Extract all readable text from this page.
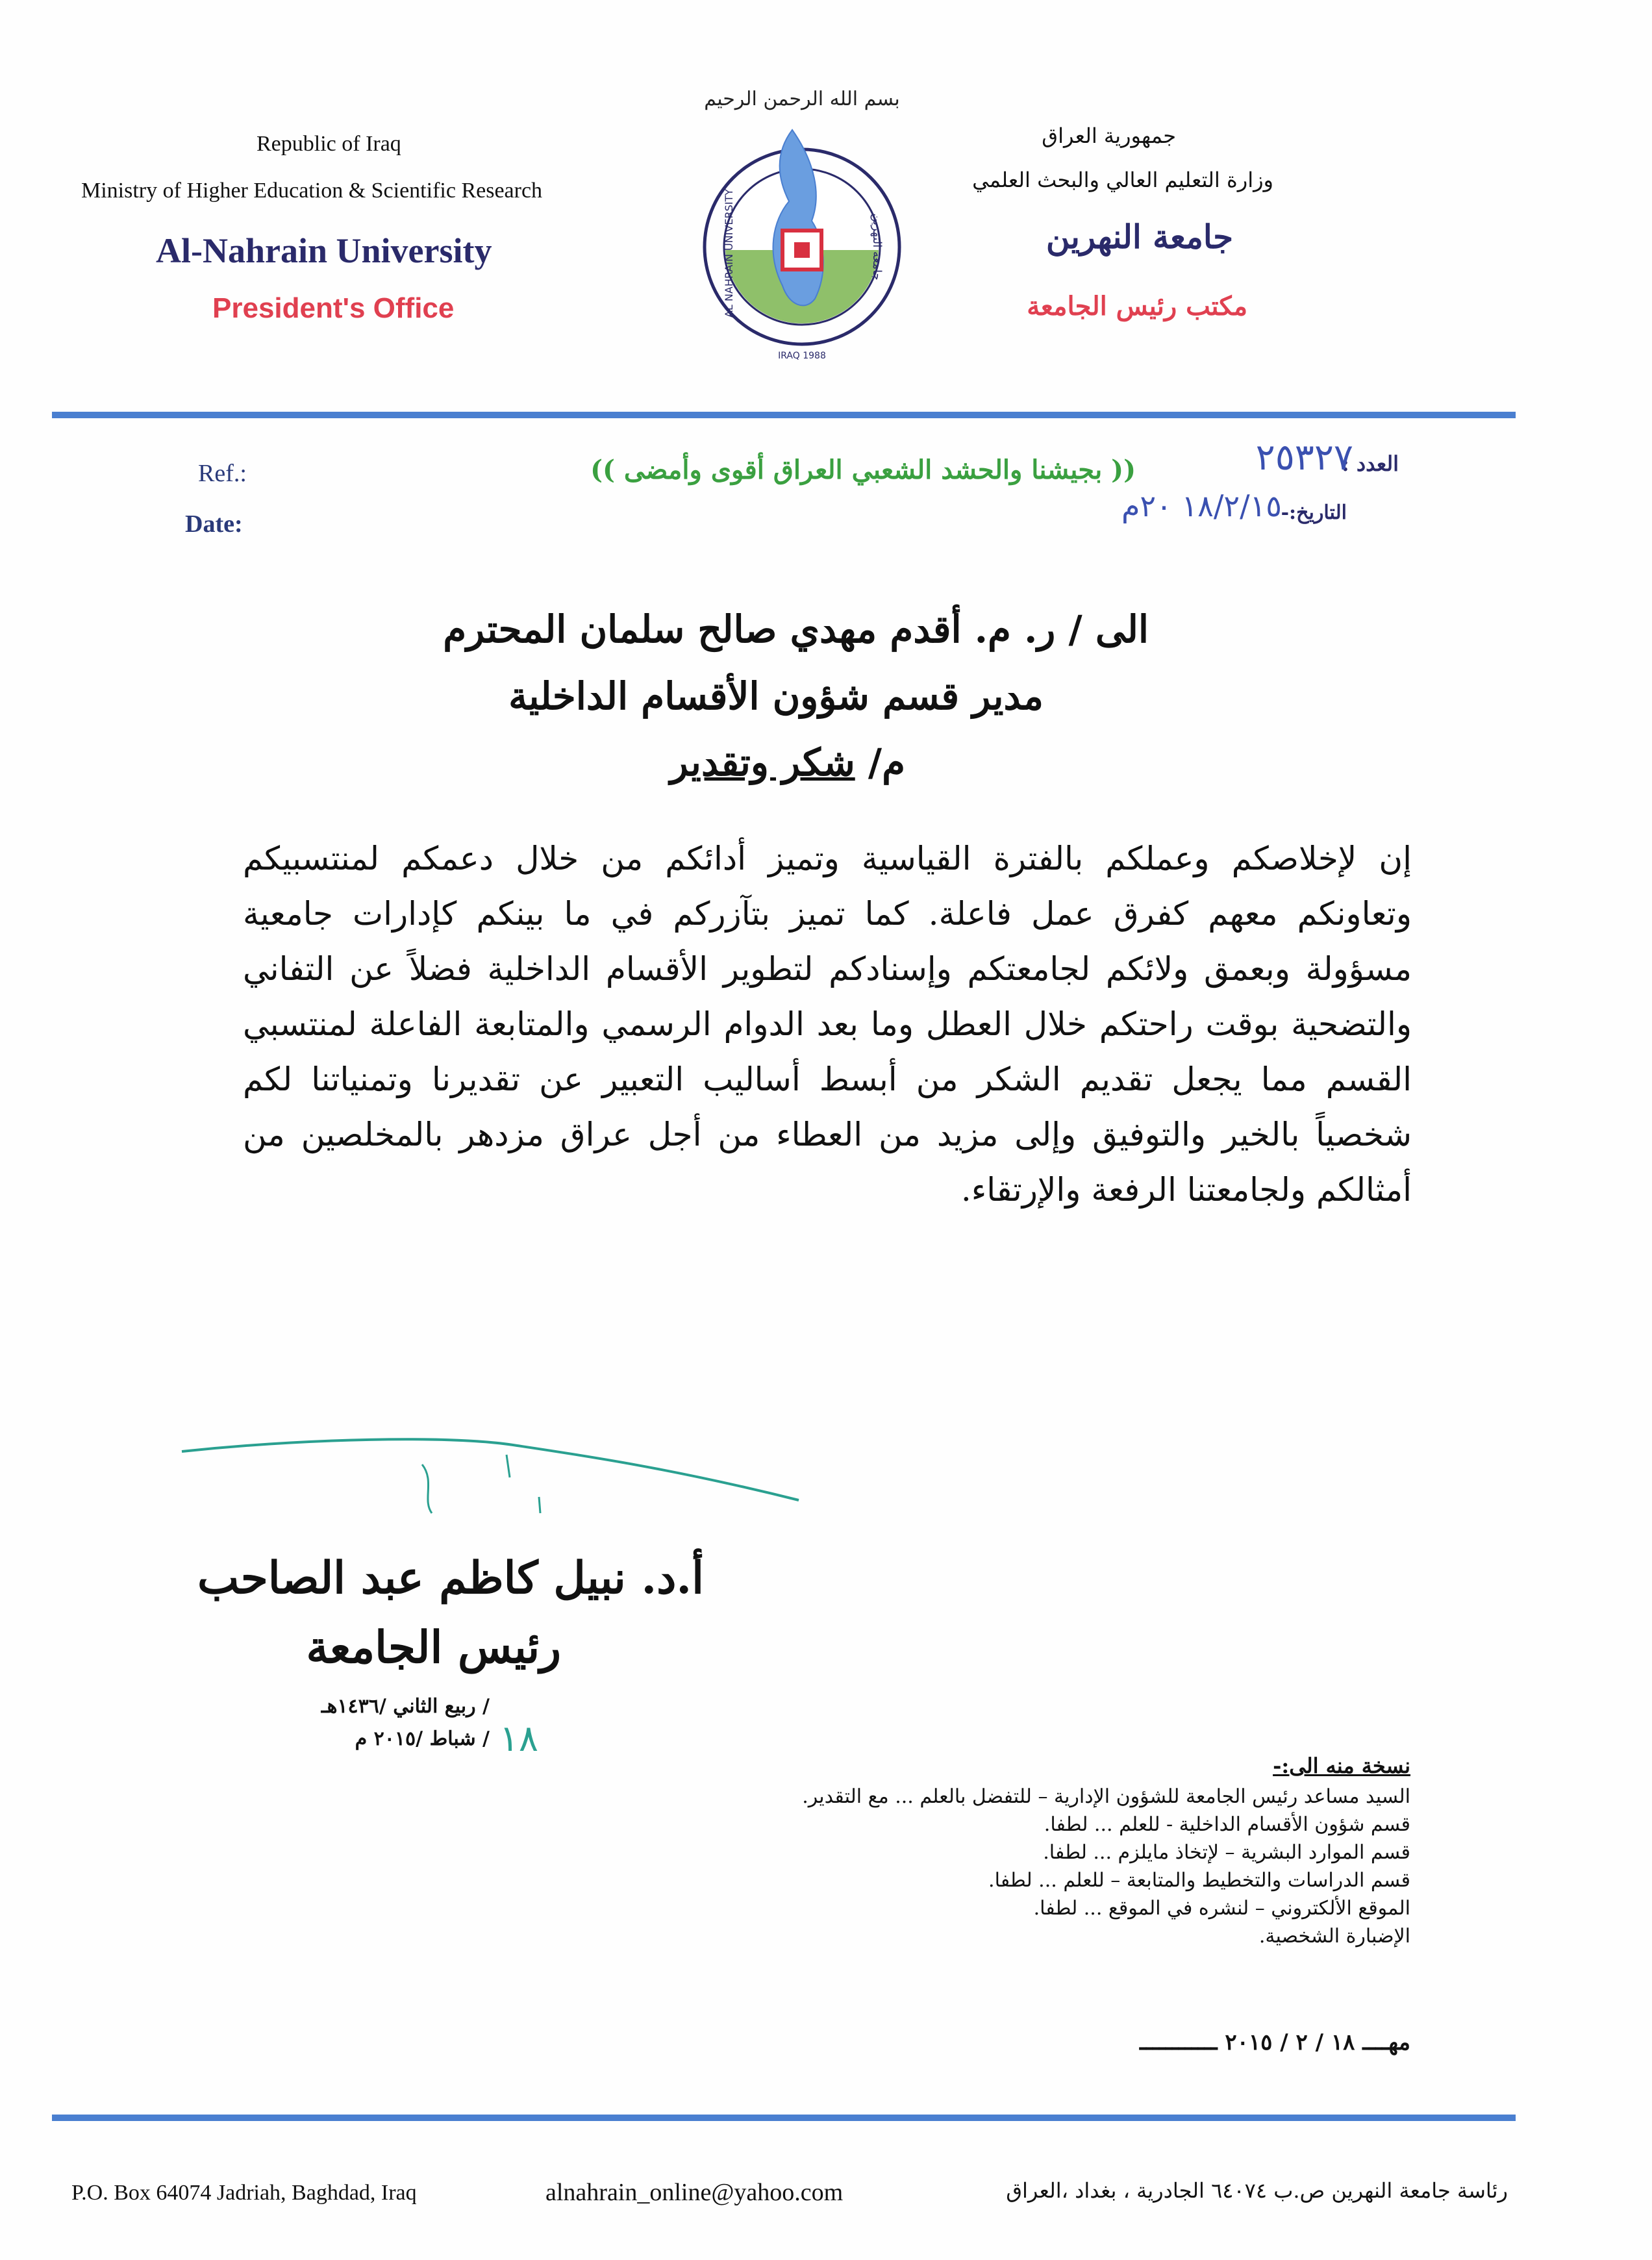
Republic of Iraq
Ministry of Higher Education & Scientific Research
Al-Nahrain University
President's Office
جمهورية العراق
وزارة التعليم العالي والبحث العلمي
جامعة النهرين
مكتب رئيس الجامعة
بسم الله الرحمن الرحيم
AL NAHRAIN UNIVERSITY	جامعة النهرين
IRAQ 1988
Ref.:
Date:
(( بجيشنا والحشد الشعبي العراق أقوى وأمضى ))	العدد :
٢٥٣٢٧
التاريخ:-
١٨/٢/١٥ ٢٠م
الى / ر. م. أقدم مهدي صالح سلمان المحترم
مدير قسم شؤون الأقسام الداخلية
م/ شكر وتقدير
إن لإخلاصكم وعملكم بالفترة القياسية وتميز أدائكم من خلال دعمكم لمنتسبيكم وتعاونكم معهم كفرق عمل فاعلة. كما تميز بتآزركم في ما بينكم كإدارات جامعية مسؤولة وبعمق ولائكم لجامعتكم وإسنادكم لتطوير الأقسام الداخلية فضلاً عن التفاني والتضحية بوقت راحتكم خلال العطل وما بعد الدوام الرسمي والمتابعة الفاعلة لمنتسبي القسم مما يجعل تقديم الشكر من أبسط أساليب التعبير عن تقديرنا وتمنياتنا لكم شخصياً بالخير والتوفيق وإلى مزيد من العطاء من أجل عراق مزدهر بالمخلصين من أمثالكم ولجامعتنا الرفعة والإرتقاء.
أ.د. نبيل كاظم عبد الصاحب
رئيس الجامعة
/ ربيع الثاني /١٤٣٦هـ
/ شباط /٢٠١٥ م ١٨
نسخة منه الى:-
السيد مساعد رئيس الجامعة للشؤون الإدارية – للتفضل بالعلم ... مع التقدير.
قسم شؤون الأقسام الداخلية - للعلم ... لطفا.
قسم الموارد البشرية – لإتخاذ مايلزم ... لطفا.
قسم الدراسات والتخطيط والمتابعة – للعلم ... لطفا.
الموقع الألكتروني – لنشره في الموقع ... لطفا.
الإضبارة الشخصية.
مهــــ ١٨ / ٢ / ٢٠١٥ ــــــــــــ
P.O. Box 64074 Jadriah, Baghdad, Iraq	alnahrain_online@yahoo.com	رئاسة جامعة النهرين ص.ب ٦٤٠٧٤ الجادرية ، بغداد ،العراق
